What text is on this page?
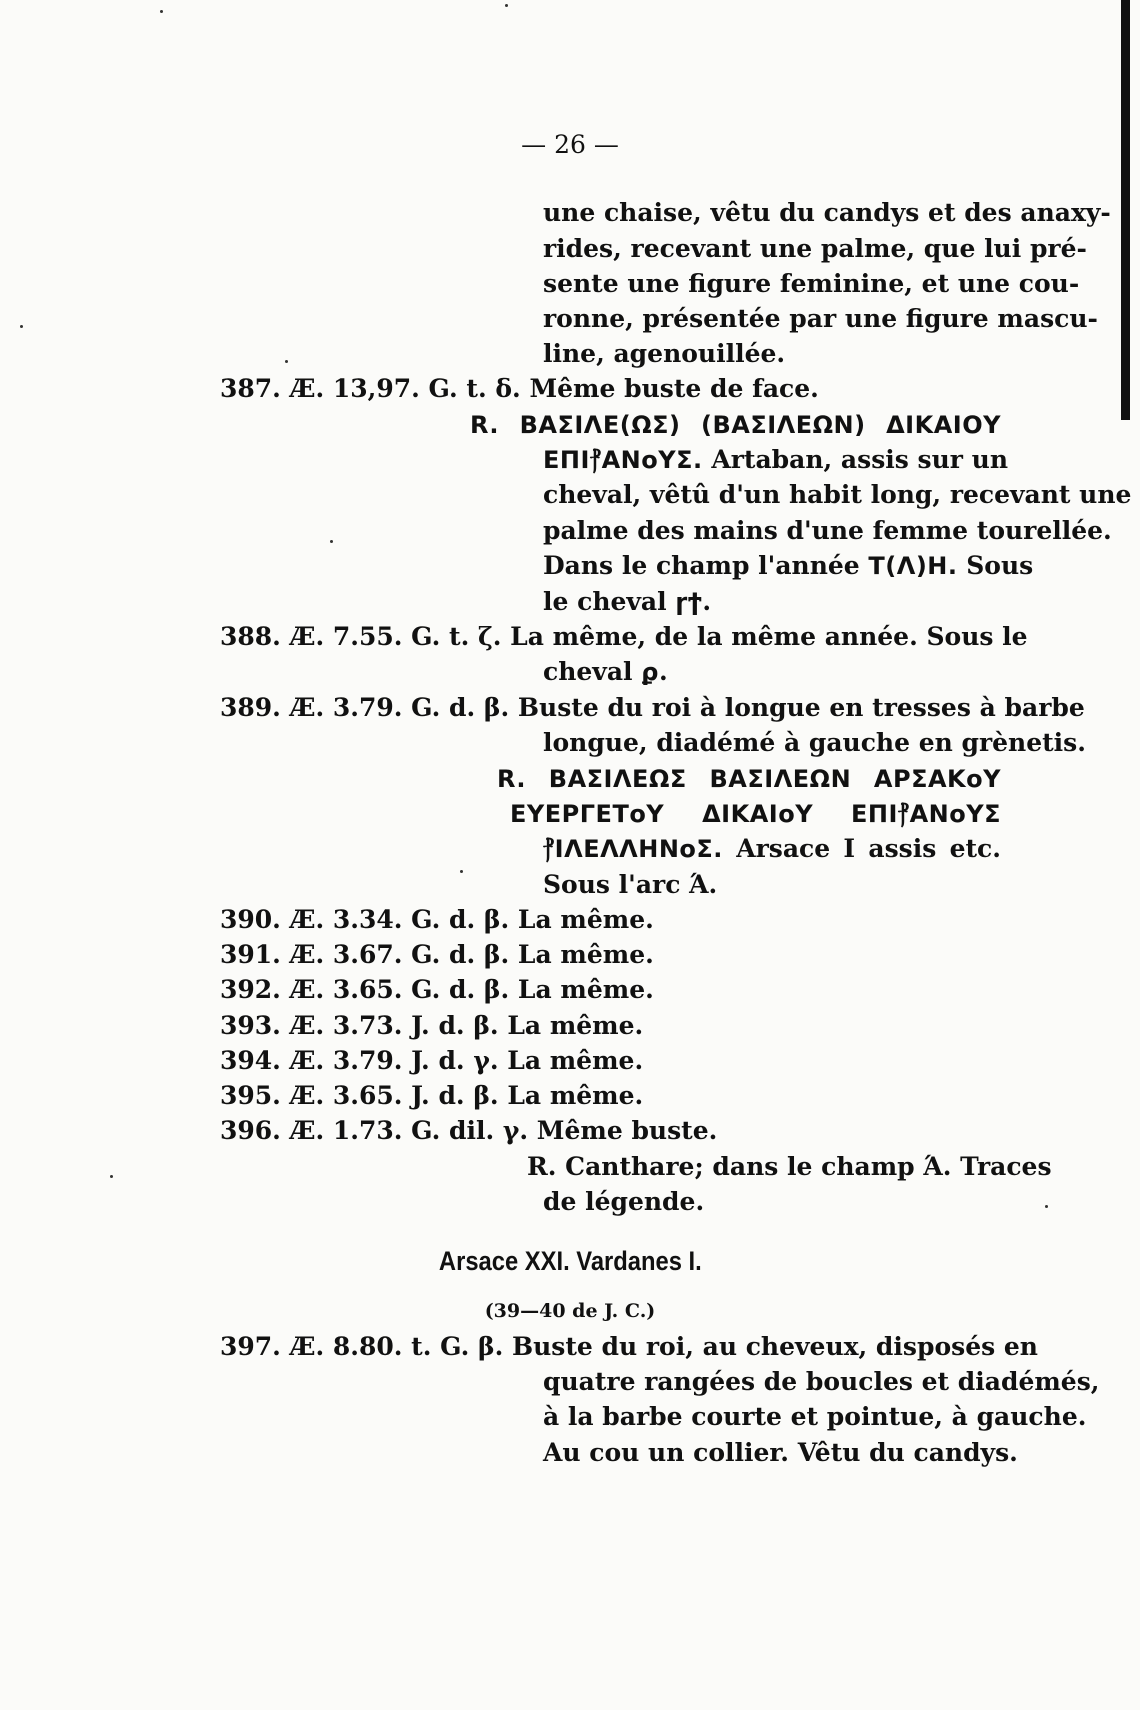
— 26 —
une chaise, vêtu du candys et des anaxy-
rides, recevant une palme, que lui pré-
sente une figure feminine, et une cou-
ronne, présentée par une figure mascu-
line, agenouillée.
387. Æ. 13,97. G. t. δ. Même buste de face.
R. ΒΑΣΙΛΕ(ΩΣ) (ΒΑΣΙΛΕΩΝ) ΔΙΚΑΙΟΥ
ΕΠΙ⳨ΑΝοΥΣ. Artaban, assis sur un
cheval, vêtû d'un habit long, recevant une
palme des mains d'une femme tourellée.
Dans le champ l'année Τ(Λ)Η. Sous
le cheval ɼϯ.
388. Æ. 7.55. G. t. ζ. La même, de la même année. Sous le
cheval ϼ.
389. Æ. 3.79. G. d. β. Buste du roi à longue en tresses à barbe
longue, diadémé à gauche en grènetis.
R. ΒΑΣΙΛΕΩΣ ΒΑΣΙΛΕΩΝ ΑΡΣΑΚοΥ
ΕΥΕΡΓΕΤοΥ ΔΙΚΑΙοΥ ΕΠΙ⳨ΑΝοΥΣ
⳨ΙΛΕΛΛΗΝοΣ. Arsace I assis etc.
Sous l'arc Ά.
390. Æ. 3.34. G. d. β. La même.
391. Æ. 3.67. G. d. β. La même.
392. Æ. 3.65. G. d. β. La même.
393. Æ. 3.73. J. d. β. La même.
394. Æ. 3.79. J. d. γ. La même.
395. Æ. 3.65. J. d. β. La même.
396. Æ. 1.73. G. dil. γ. Même buste.
R. Canthare; dans le champ Ά. Traces
de légende.
Arsace XXI. Vardanes I.
(39—40 de J. C.)
397. Æ. 8.80. t. G. β. Buste du roi, au cheveux, disposés en
quatre rangées de boucles et diadémés,
à la barbe courte et pointue, à gauche.
Au cou un collier. Vêtu du candys.
